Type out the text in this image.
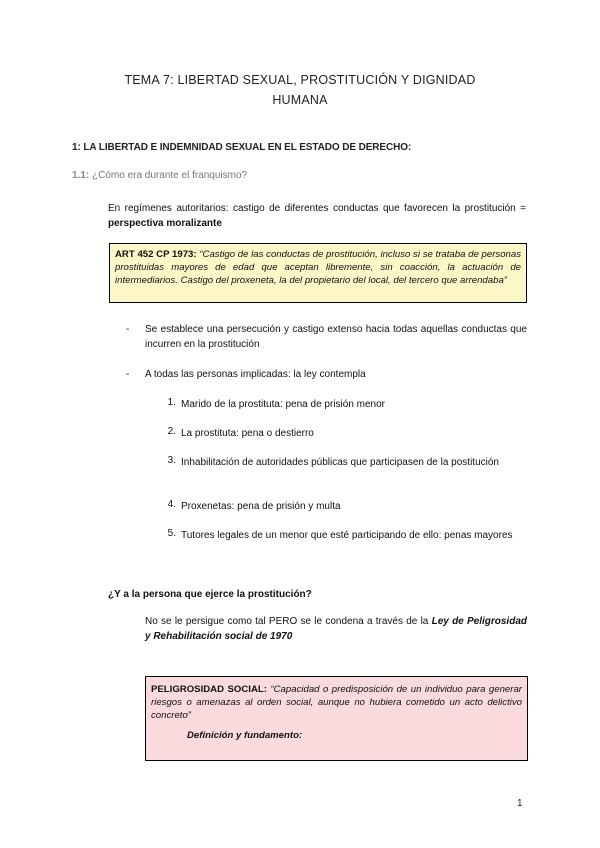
TEMA 7: LIBERTAD SEXUAL, PROSTITUCIÓN Y DIGNIDAD
HUMANA
1: LA LIBERTAD E INDEMNIDAD SEXUAL EN EL ESTADO DE DERECHO:
1.1: ¿Cómo era durante el franquismo?
En regímenes autoritarios: castigo de diferentes conductas que favorecen la prostitución = perspectiva moralizante
ART 452 CP 1973: “Castigo de las conductas de prostitución, incluso si se trataba de personas prostituidas mayores de edad que aceptan libremente, sin coacción, la actuación de intermediarios. Castigo del proxeneta, la del propietario del local, del tercero que arrendaba”
- Se establece una persecución y castigo extenso hacia todas aquellas conductas que incurren en la prostitución
- A todas las personas implicadas: la ley contempla
1. Marido de la prostituta: pena de prisión menor
2. La prostituta: pena o destierro
3. Inhabilitación de autoridades públicas que participasen de la postitución
4. Proxenetas: pena de prisión y multa
5. Tutores legales de un menor que esté participando de ello: penas mayores
¿Y a la persona que ejerce la prostitución?
No se le persigue como tal PERO se le condena a través de la Ley de Peligrosidad y Rehabilitación social de 1970
PELIGROSIDAD SOCIAL: “Capacidad o predisposición de un individuo para generar riesgos o amenazas al orden social, aunque no hubiera cometido un acto delictivo concreto”
Definición y fundamento:
1
